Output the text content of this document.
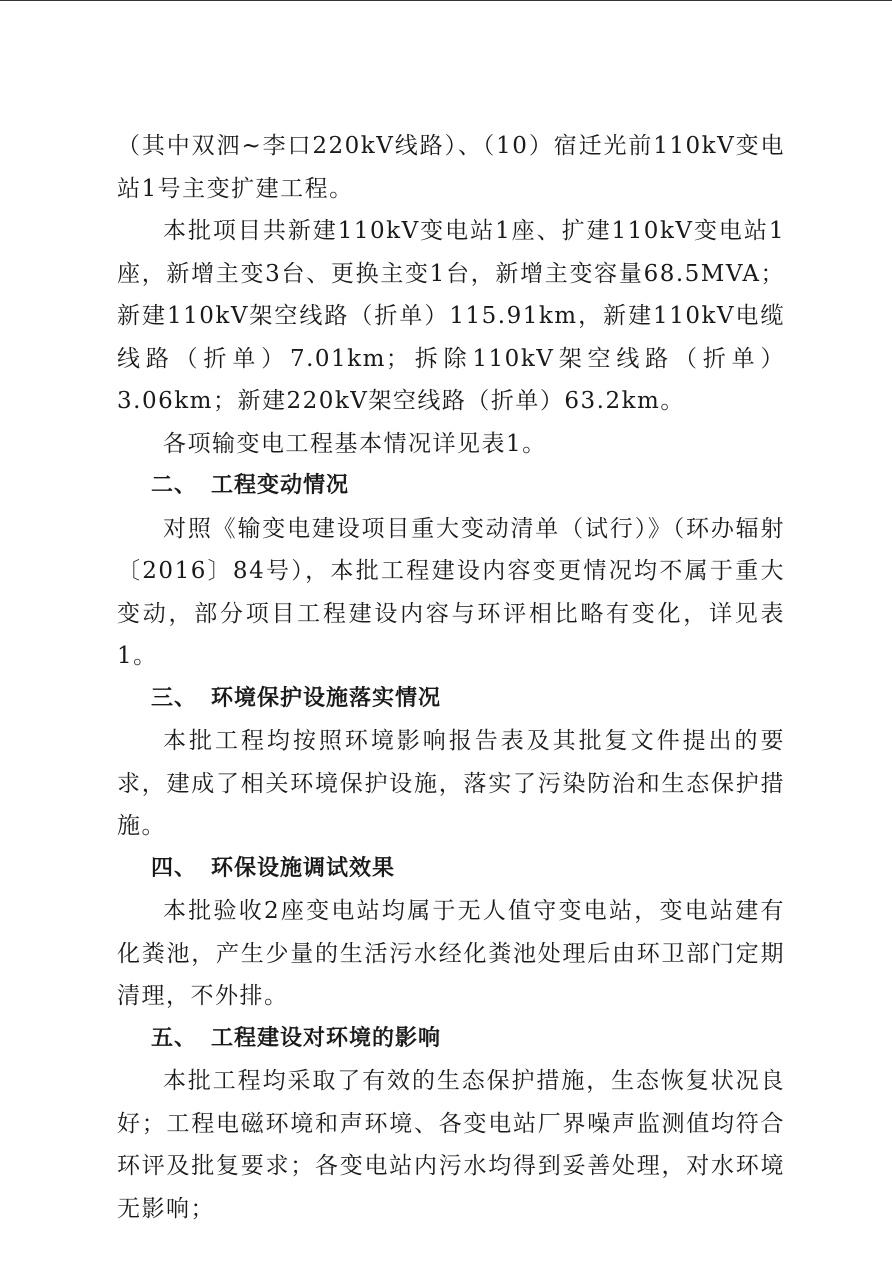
（其中双泗~李口220kV线路）、（10）宿迁光前110kV变电站1号主变扩建工程。

本批项目共新建110kV变电站1座、扩建110kV变电站1座，新增主变3台、更换主变1台，新增主变容量68.5MVA；新建110kV架空线路（折单）115.91km，新建110kV电缆线路（折单）7.01km；拆除110kV架空线路（折单）3.06km；新建220kV架空线路（折单）63.2km。

各项输变电工程基本情况详见表1。

二、 工程变动情况

对照《输变电建设项目重大变动清单（试行）》（环办辐射〔2016〕84号），本批工程建设内容变更情况均不属于重大变动，部分项目工程建设内容与环评相比略有变化，详见表1。

三、 环境保护设施落实情况

本批工程均按照环境影响报告表及其批复文件提出的要求，建成了相关环境保护设施，落实了污染防治和生态保护措施。

四、 环保设施调试效果

本批验收2座变电站均属于无人值守变电站，变电站建有化粪池，产生少量的生活污水经化粪池处理后由环卫部门定期清理，不外排。

五、 工程建设对环境的影响

本批工程均采取了有效的生态保护措施，生态恢复状况良好；工程电磁环境和声环境、各变电站厂界噪声监测值均符合环评及批复要求；各变电站内污水均得到妥善处理，对水环境无影响；
